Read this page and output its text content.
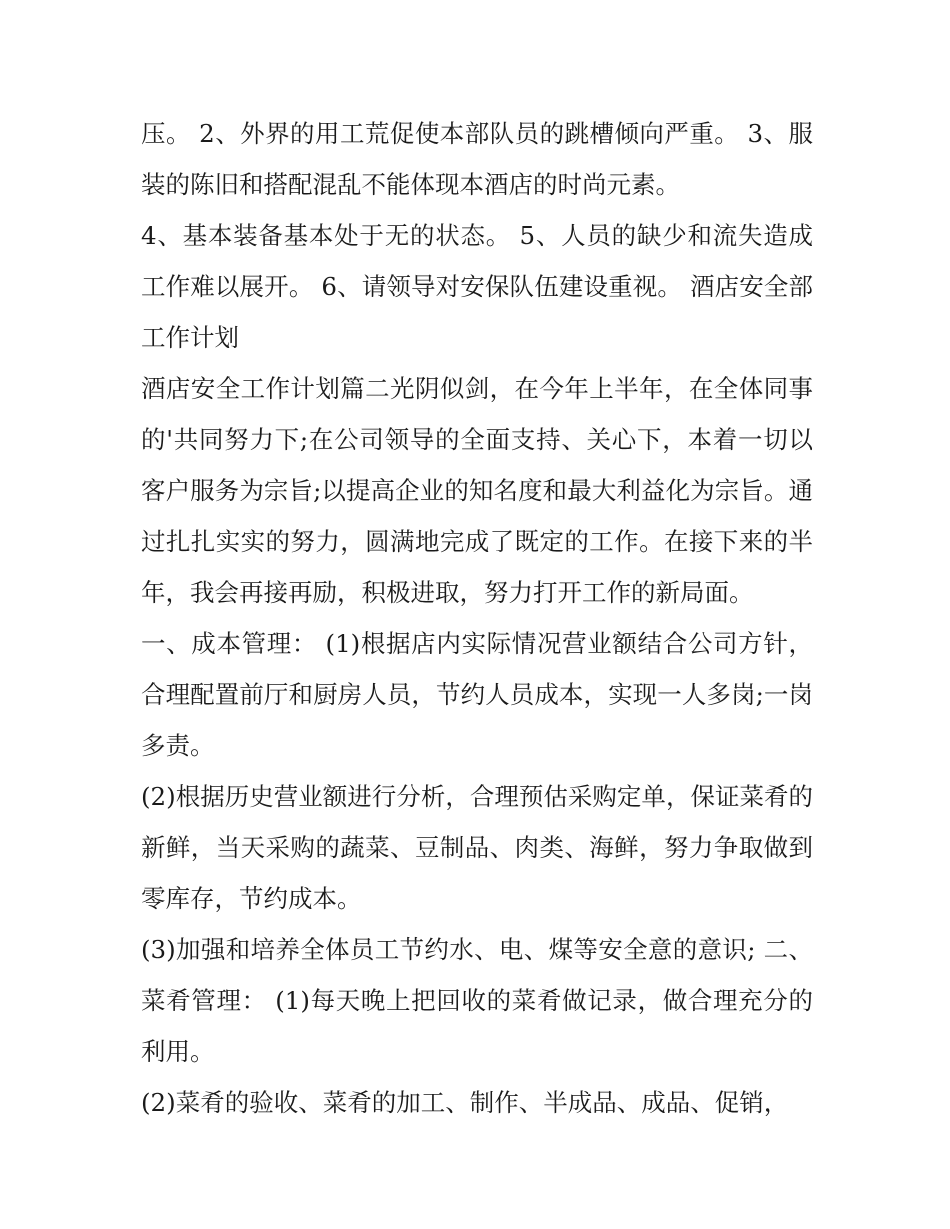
压。 2、外界的用工荒促使本部队员的跳槽倾向严重。 3、服装的陈旧和搭配混乱不能体现本酒店的时尚元素。

4、基本装备基本处于无的状态。 5、人员的缺少和流失造成工作难以展开。 6、请领导对安保队伍建设重视。 酒店安全部工作计划

酒店安全工作计划篇二光阴似剑，在今年上半年，在全体同事的'共同努力下;在公司领导的全面支持、关心下，本着一切以客户服务为宗旨;以提高企业的知名度和最大利益化为宗旨。通过扎扎实实的努力，圆满地完成了既定的工作。在接下来的半年，我会再接再励，积极进取，努力打开工作的新局面。

一、成本管理： (1)根据店内实际情况营业额结合公司方针，合理配置前厅和厨房人员，节约人员成本，实现一人多岗;一岗多责。

(2)根据历史营业额进行分析，合理预估采购定单，保证菜肴的新鲜，当天采购的蔬菜、豆制品、肉类、海鲜，努力争取做到零库存，节约成本。

(3)加强和培养全体员工节约水、电、煤等安全意的意识; 二、菜肴管理： (1)每天晚上把回收的菜肴做记录，做合理充分的利用。

(2)菜肴的验收、菜肴的加工、制作、半成品、成品、促销，
